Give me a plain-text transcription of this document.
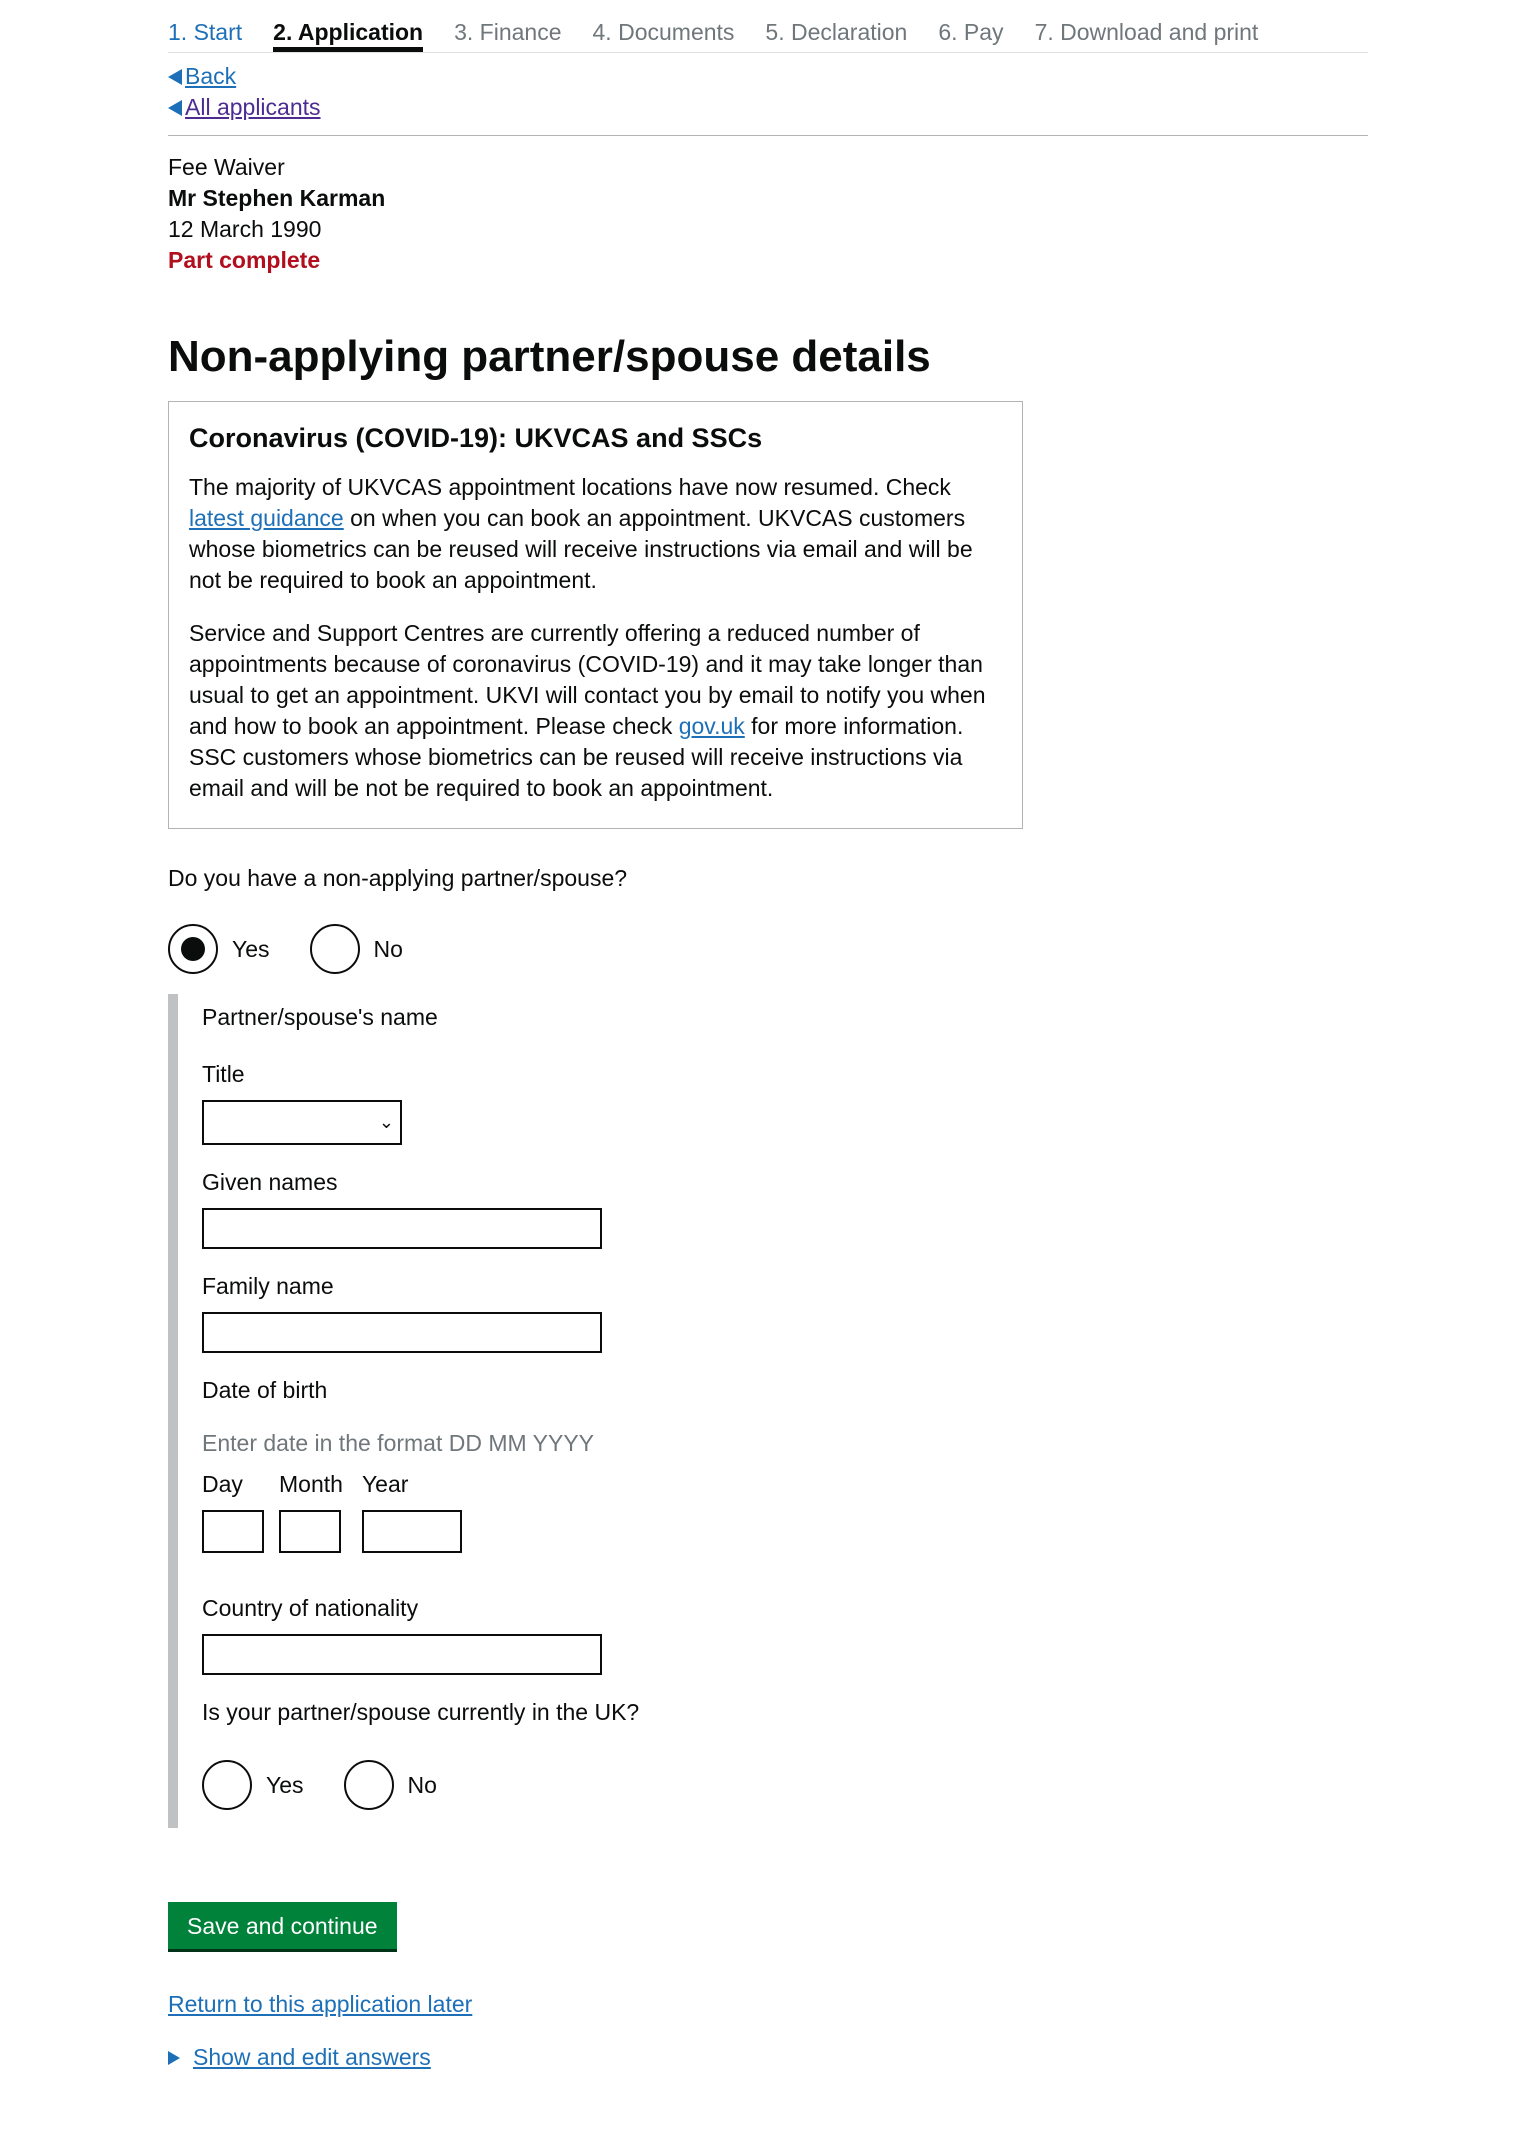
1. Start 2. Application 3. Finance 4. Documents 5. Declaration 6. Pay 7. Download and print
Back
All applicants
Fee Waiver
Mr Stephen Karman
12 March 1990
Part complete
Non-applying partner/spouse details
Coronavirus (COVID-19): UKVCAS and SSCs

The majority of UKVCAS appointment locations have now resumed. Check latest guidance on when you can book an appointment. UKVCAS customers whose biometrics can be reused will receive instructions via email and will be not be required to book an appointment.

Service and Support Centres are currently offering a reduced number of appointments because of coronavirus (COVID-19) and it may take longer than usual to get an appointment. UKVI will contact you by email to notify you when and how to book an appointment. Please check gov.uk for more information. SSC customers whose biometrics can be reused will receive instructions via email and will be not be required to book an appointment.

Do you have a non-applying partner/spouse?
Yes	No
Partner/spouse's name
Title
⌄
Given names
Family name
Date of birth
Enter date in the format DD MM YYYY
Day	Month Year
Country of nationality
Is your partner/spouse currently in the UK?
Yes	No
Save and continue
Return to this application later
Show and edit answers
